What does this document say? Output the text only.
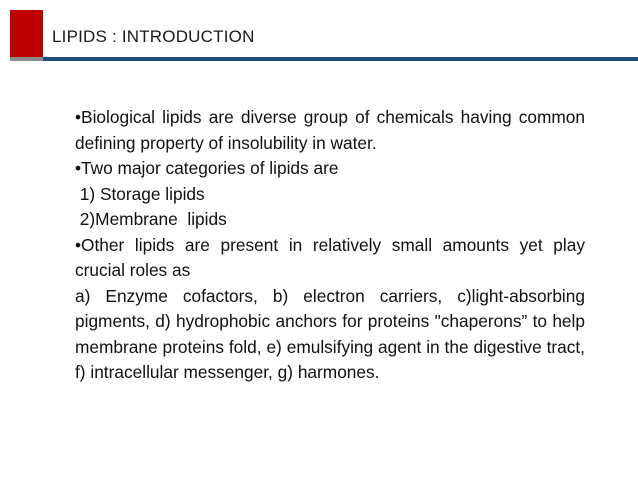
LIPIDS : INTRODUCTION

•Biological lipids are diverse group of chemicals having common defining property of insolubility in water.

•Two major categories of lipids are

1) Storage lipids

2)Membrane  lipids

•Other lipids are present in relatively small amounts yet play crucial roles as

a) Enzyme cofactors, b) electron carriers, c)light-absorbing pigments, d) hydrophobic anchors for proteins "chaperons” to help membrane proteins fold, e) emulsifying agent in the digestive tract, f) intracellular messenger, g) harmones.
